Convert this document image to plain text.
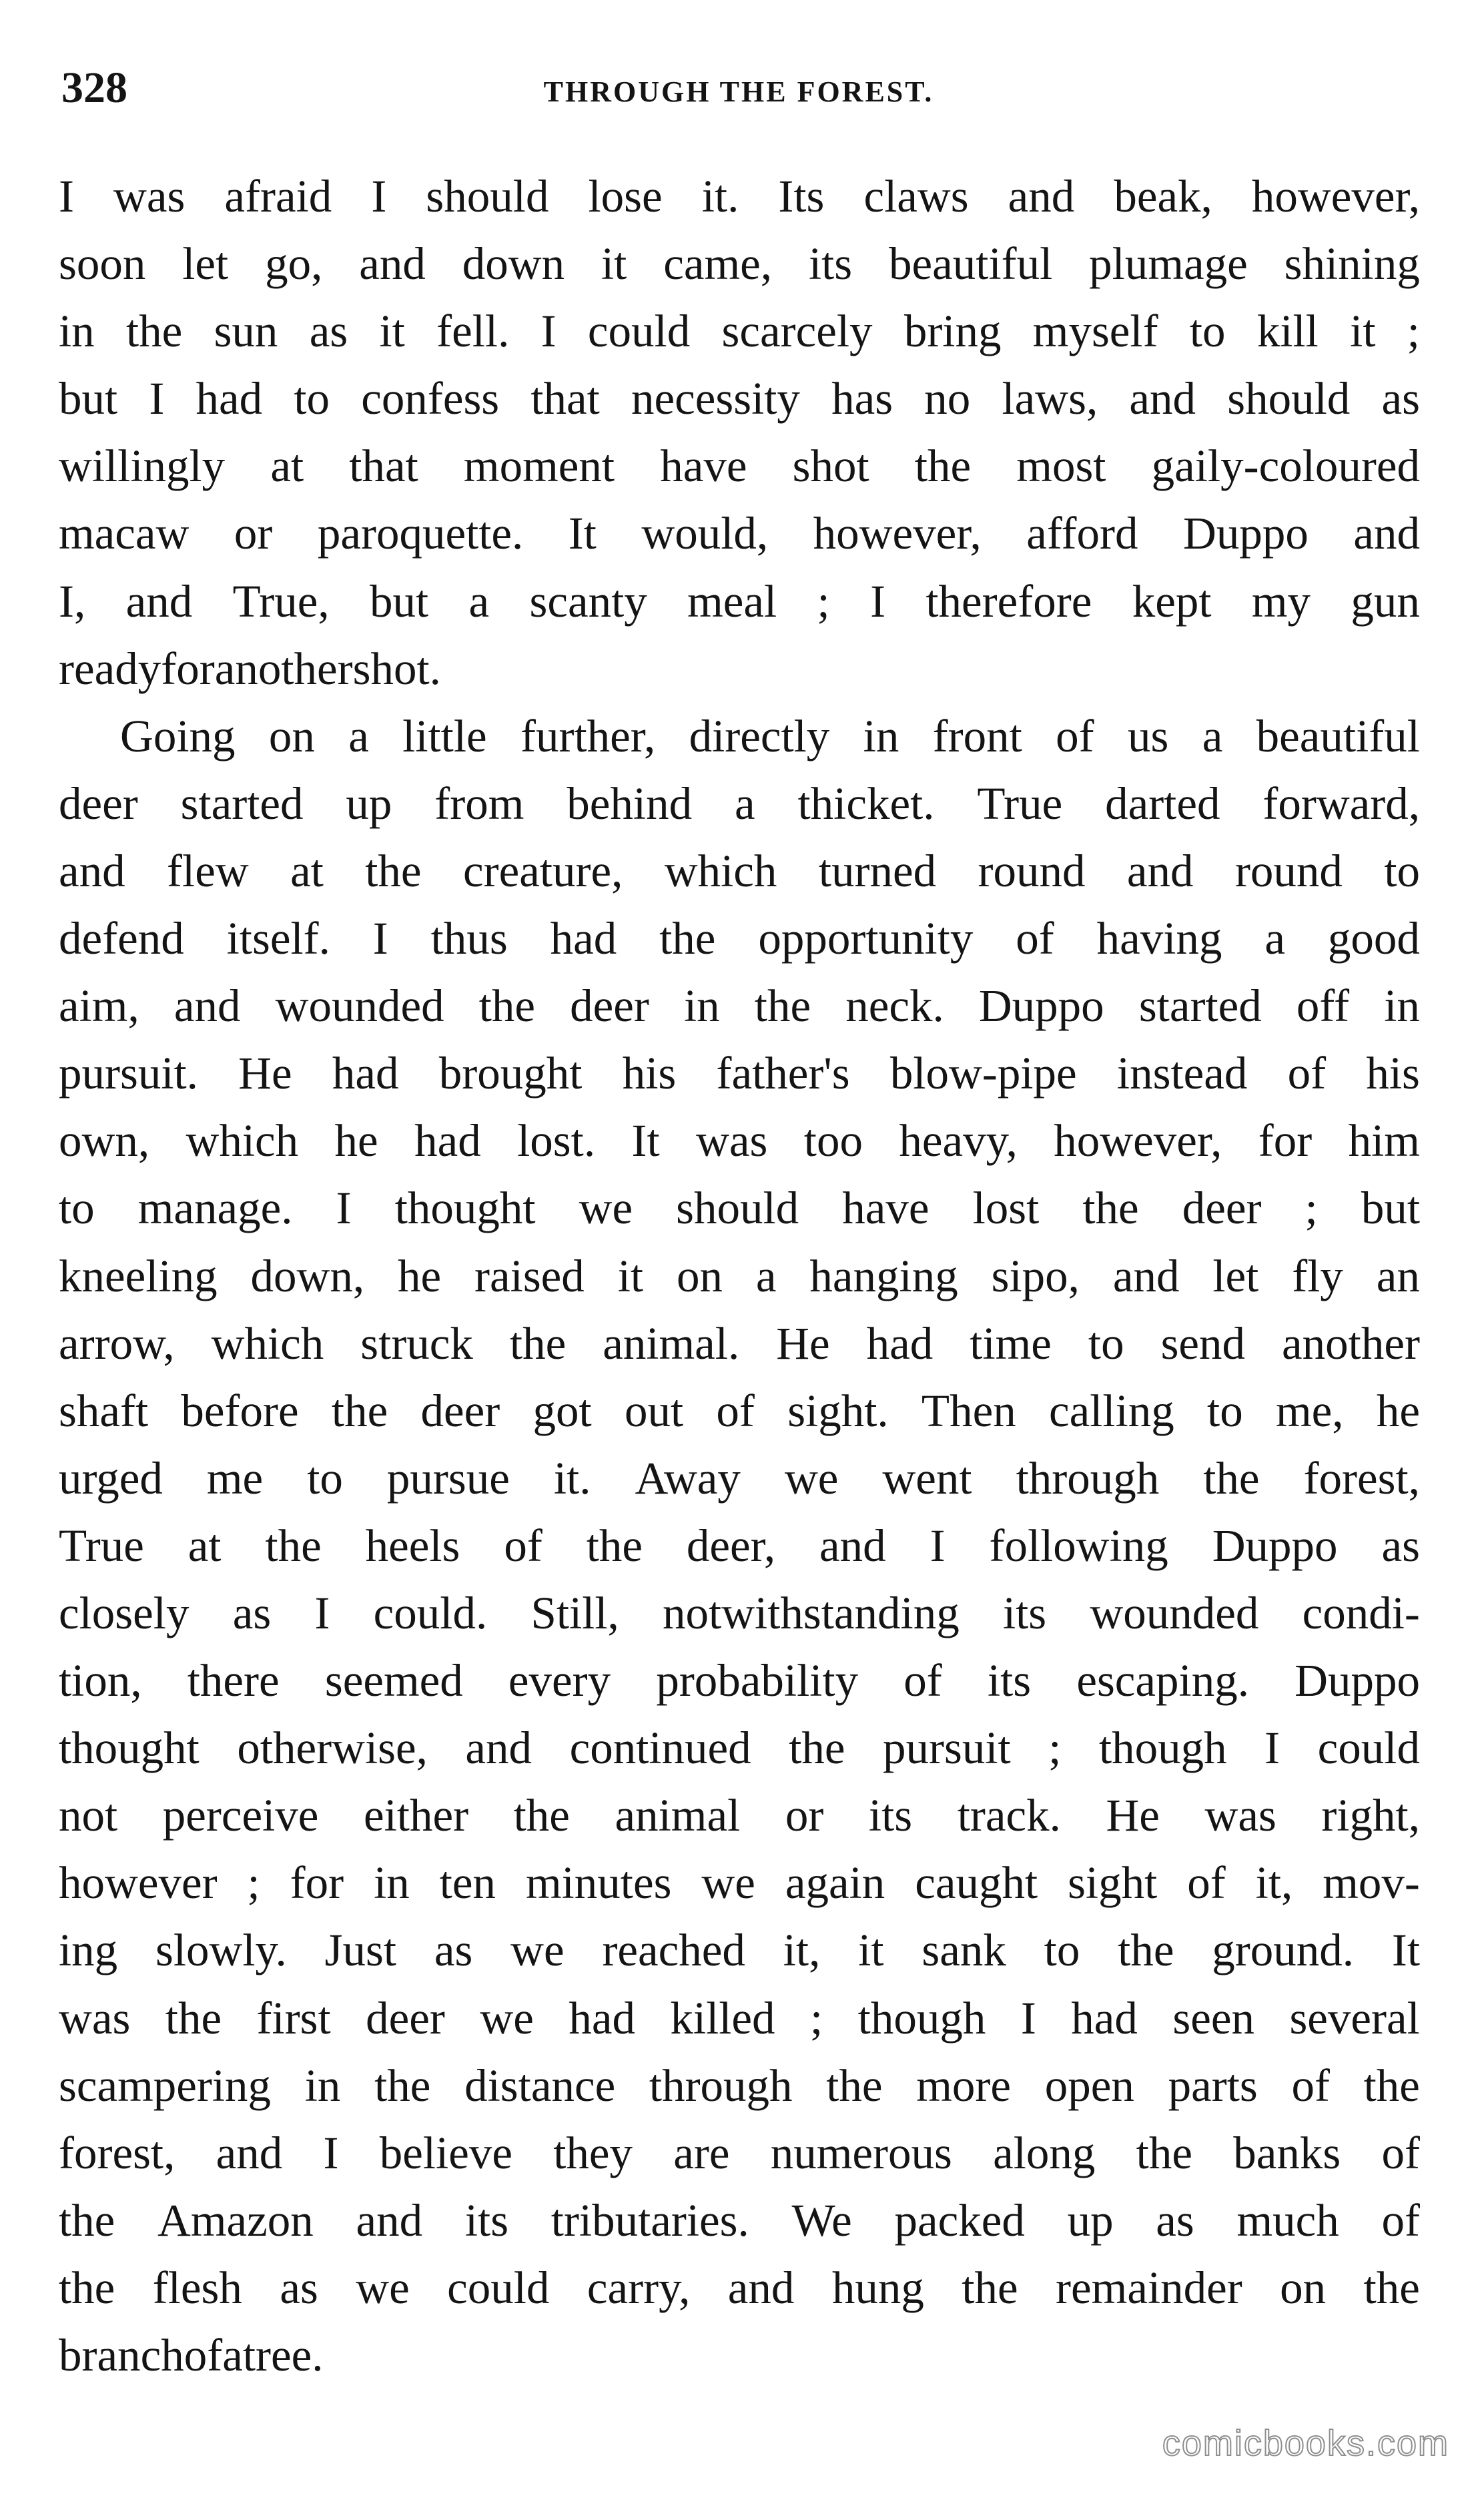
328	THROUGH THE FOREST.
I was afraid I should lose it. Its claws and beak, however,
soon let go, and down it came, its beautiful plumage shining
in the sun as it fell. I could scarcely bring myself to kill it ;
but I had to confess that necessity has no laws, and should as
willingly at that moment have shot the most gaily-coloured
macaw or paroquette. It would, however, afford Duppo and
I, and True, but a scanty meal ; I therefore kept my gun
ready for another shot.
Going on a little further, directly in front of us a beautiful
deer started up from behind a thicket. True darted forward,
and flew at the creature, which turned round and round to
defend itself. I thus had the opportunity of having a good
aim, and wounded the deer in the neck. Duppo started off in
pursuit. He had brought his father's blow-pipe instead of his
own, which he had lost. It was too heavy, however, for him
to manage. I thought we should have lost the deer ; but
kneeling down, he raised it on a hanging sipo, and let fly an
arrow, which struck the animal. He had time to send another
shaft before the deer got out of sight. Then calling to me, he
urged me to pursue it. Away we went through the forest,
True at the heels of the deer, and I following Duppo as
closely as I could. Still, notwithstanding its wounded condi-
tion, there seemed every probability of its escaping. Duppo
thought otherwise, and continued the pursuit ; though I could
not perceive either the animal or its track. He was right,
however ; for in ten minutes we again caught sight of it, mov-
ing slowly. Just as we reached it, it sank to the ground. It
was the first deer we had killed ; though I had seen several
scampering in the distance through the more open parts of the
forest, and I believe they are numerous along the banks of
the Amazon and its tributaries. We packed up as much of
the flesh as we could carry, and hung the remainder on the
branch of a tree.
comicbooks.com
